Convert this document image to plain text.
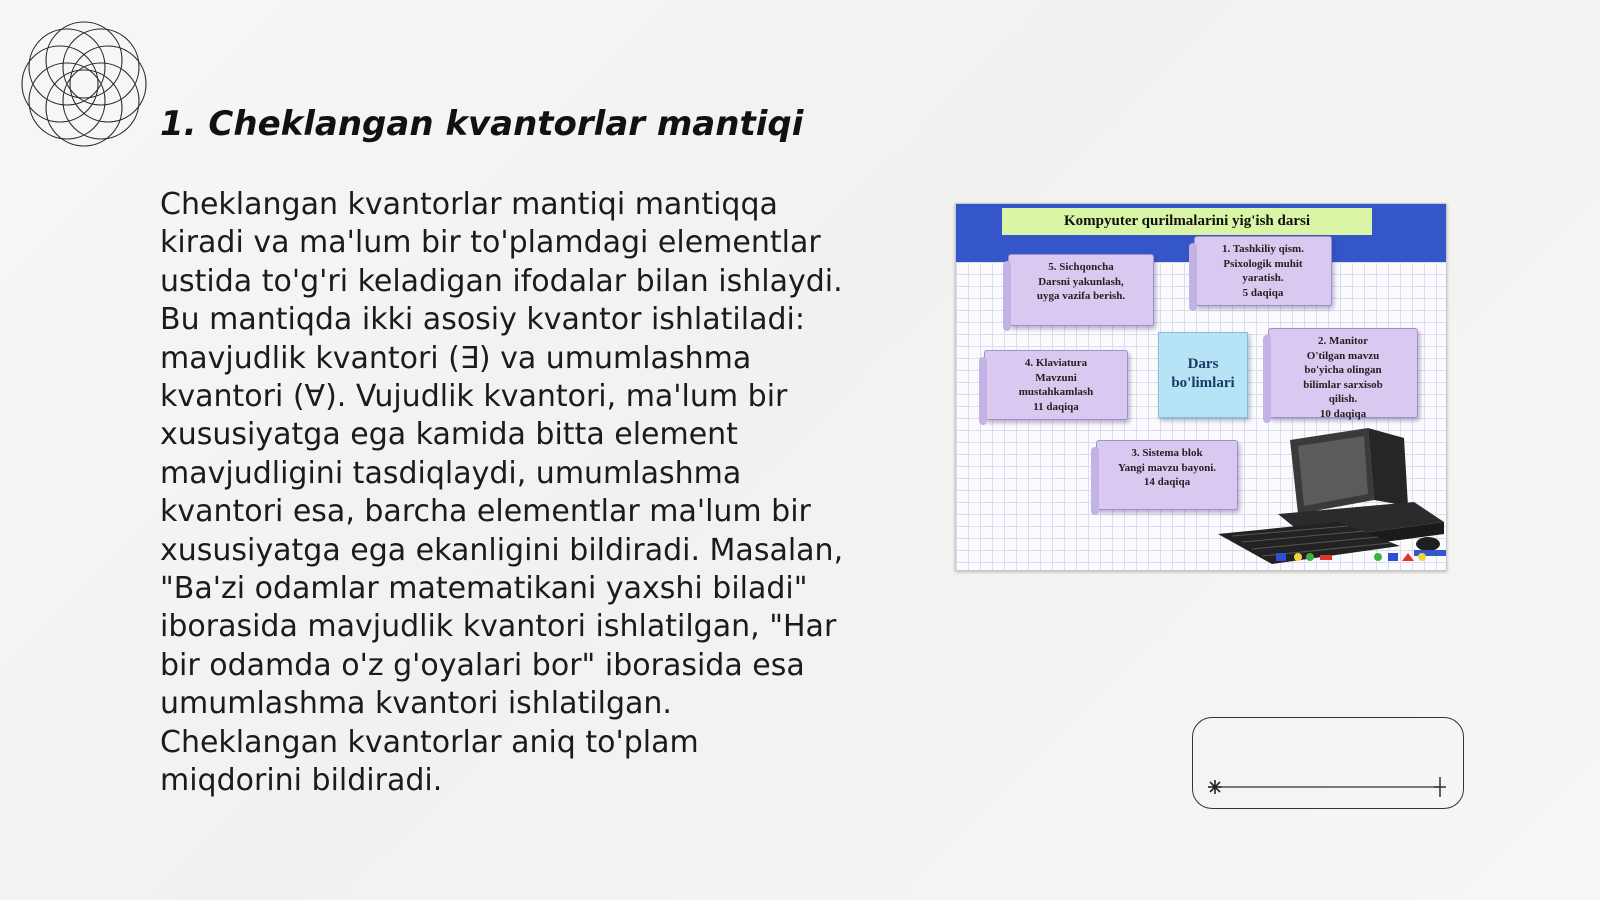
1. Cheklangan kvantorlar mantiqi

Cheklangan kvantorlar mantiqi mantiqqa kiradi va ma'lum bir to'plamdagi elementlar ustida to'g'ri keladigan ifodalar bilan ishlaydi. Bu mantiqda ikki asosiy kvantor ishlatiladi: mavjudlik kvantori (∃) va umumlashma kvantori (∀). Vujudlik kvantori, ma'lum bir xususiyatga ega kamida bitta element mavjudligini tasdiqlaydi, umumlashma kvantori esa, barcha elementlar ma'lum bir xususiyatga ega ekanligini bildiradi. Masalan, "Ba'zi odamlar matematikani yaxshi biladi" iborasida mavjudlik kvantori ishlatilgan, "Har bir odamda o'z g'oyalari bor" iborasida esa umumlashma kvantori ishlatilgan. Cheklangan kvantorlar aniq to'plam miqdorini bildiradi.

Kompyuter qurilmalarini yig'ish darsi
1. Tashkiliy qism.
Psixologik muhit
yaratish.
5 daqiqa
2. Manitor
O'tilgan mavzu
bo'yicha olingan
bilimlar sarxisob
qilish.
10 daqiqa
3. Sistema blok
Yangi mavzu bayoni.
14 daqiqa
4. Klaviatura
Mavzuni
mustahkamlash
11 daqiqa
5. Sichqoncha
Darsni yakunlash,
uyga vazifa berish.
Dars
bo'limlari
